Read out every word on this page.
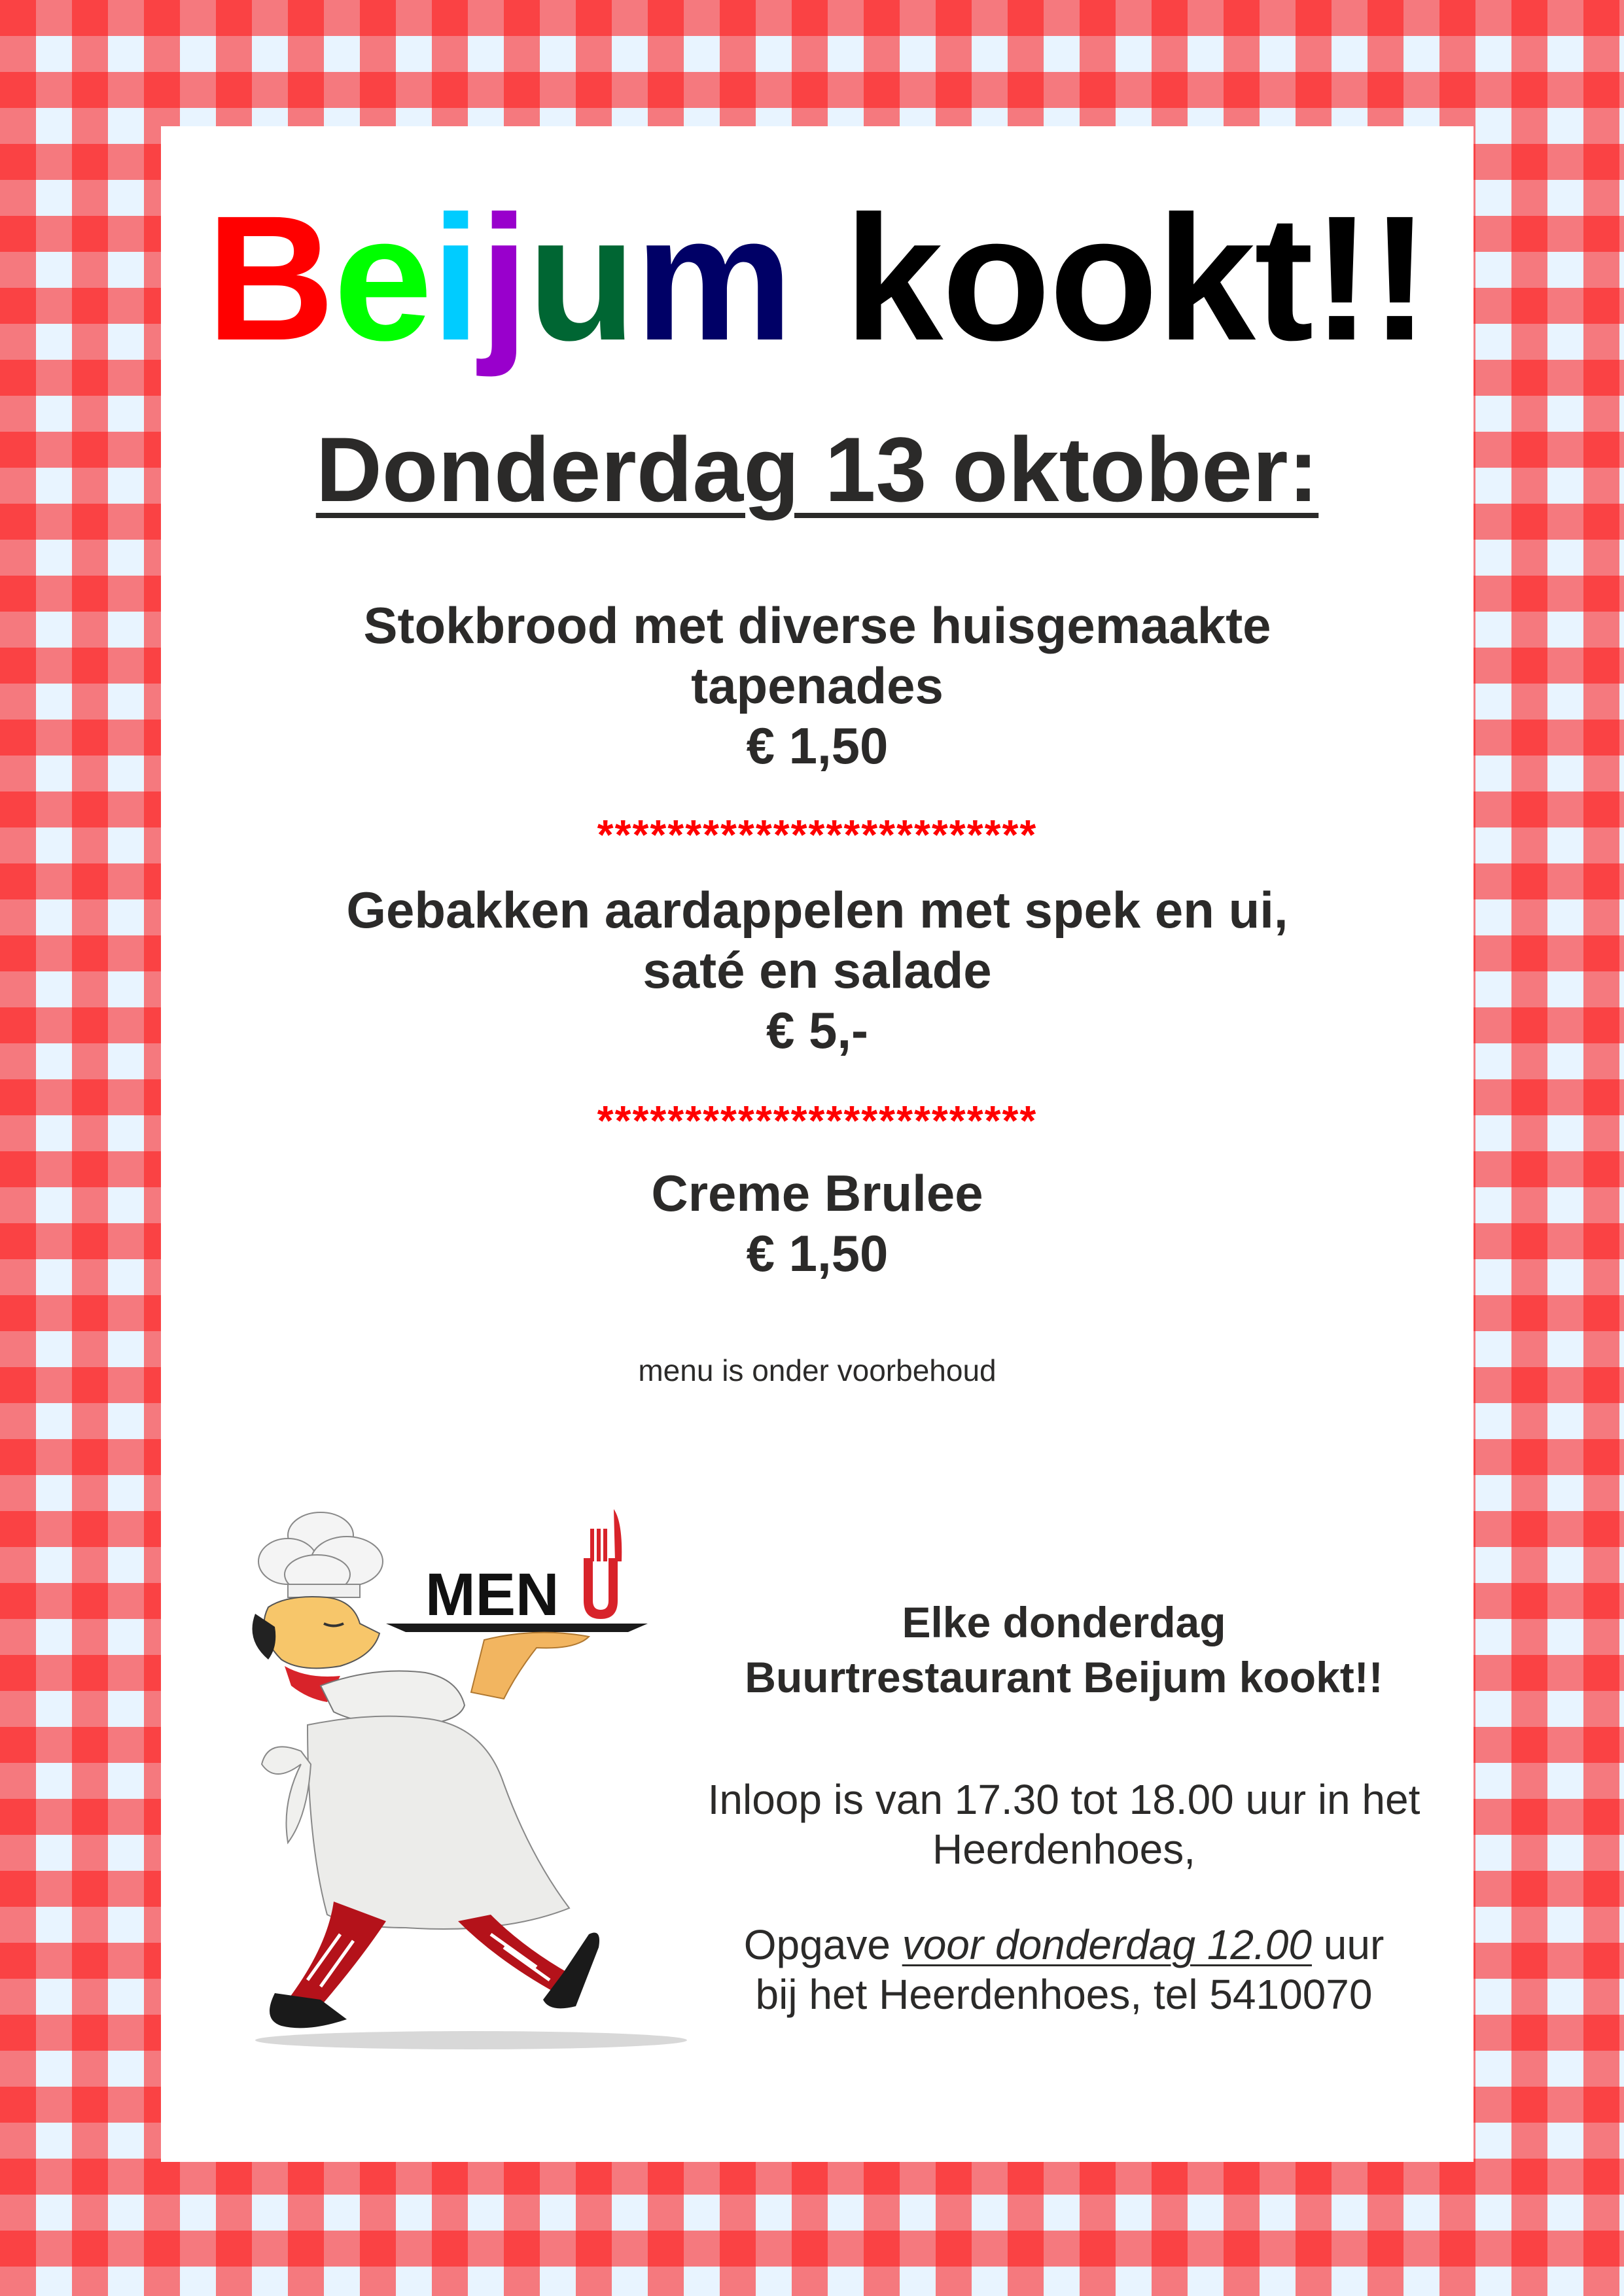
Beijum kookt!!
Donderdag 13 oktober:
Stokbrood met diverse huisgemaakte
tapenades
€ 1,50
*************************
Gebakken aardappelen met spek en ui,
saté en salade
€ 5,-
*************************
Creme Brulee
€ 1,50
menu is onder voorbehoud
MEN	Elke donderdag
Buurtrestaurant Beijum kookt!!
Inloop is van 17.30 tot 18.00 uur in het
Heerdenhoes,
Opgave voor donderdag 12.00 uur
bij het Heerdenhoes, tel 5410070
